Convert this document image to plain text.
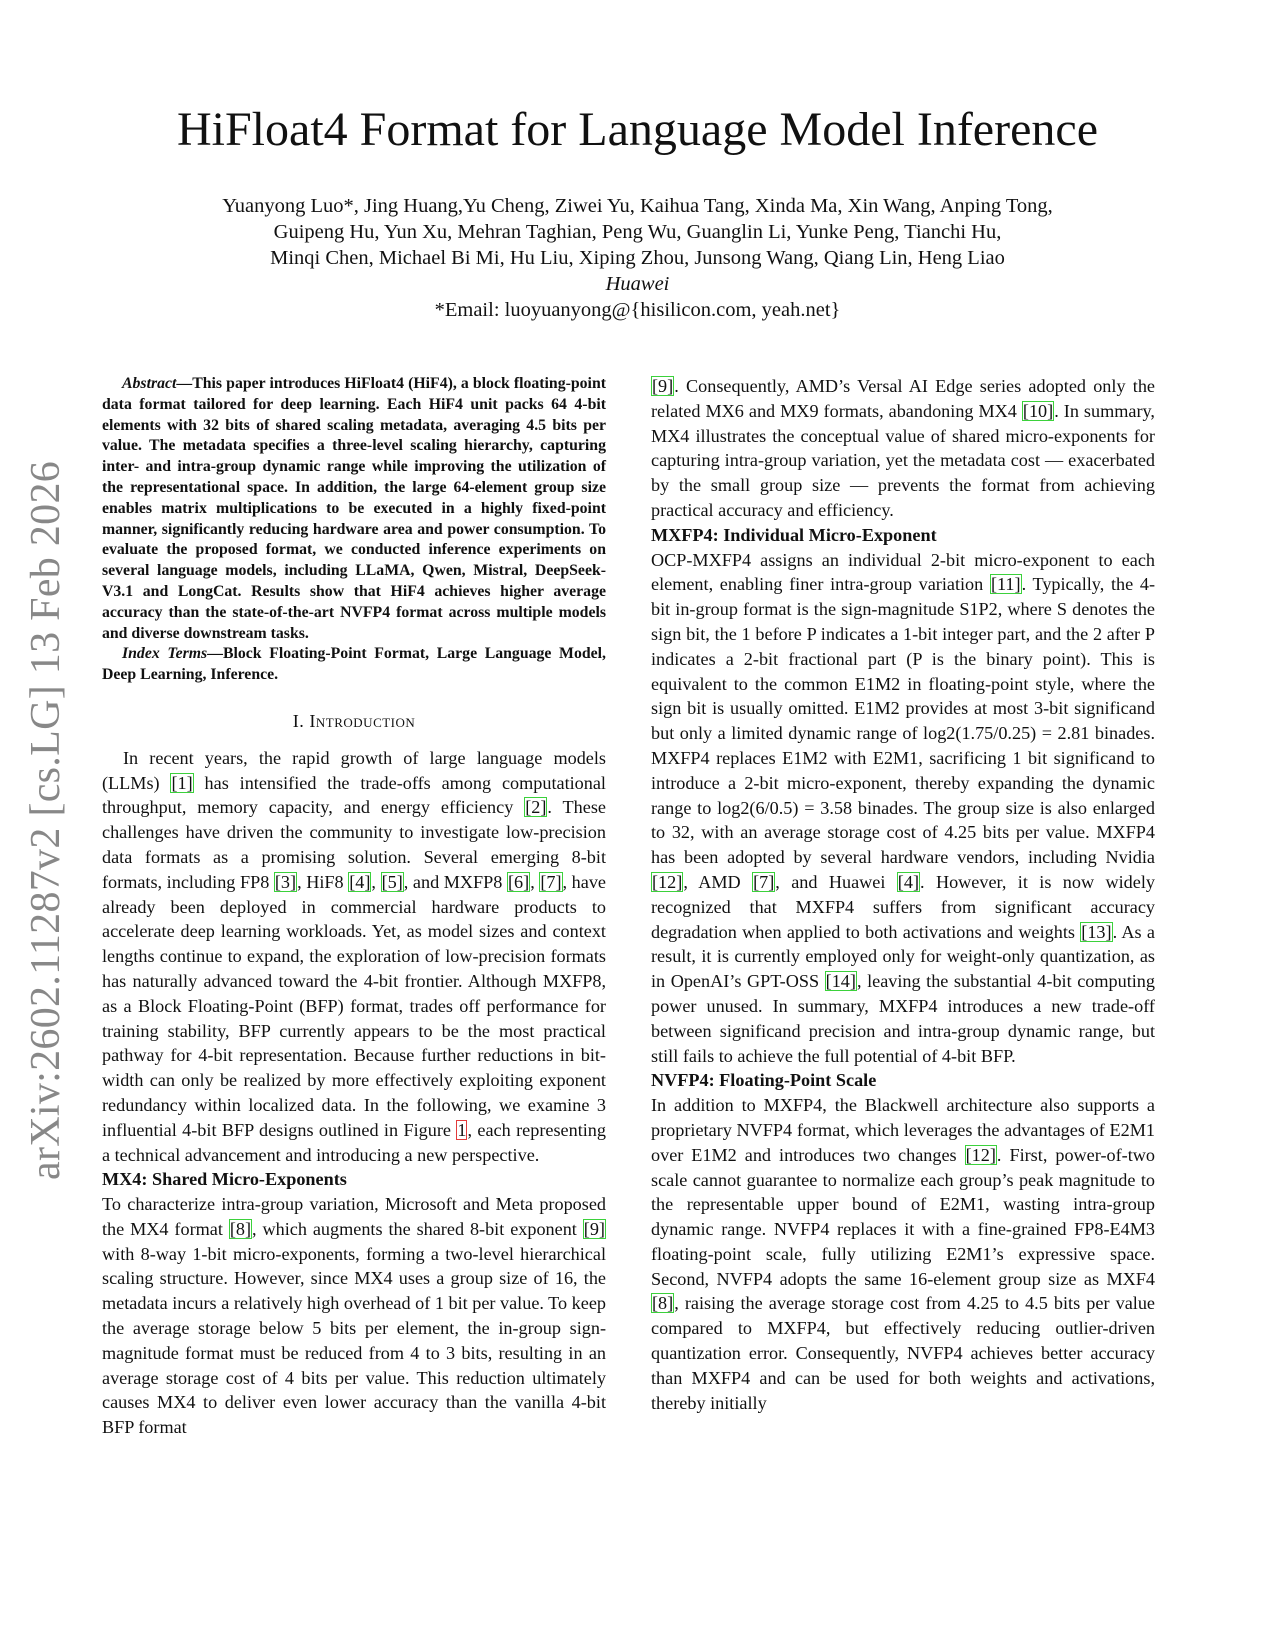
arXiv:2602.11287v2 [cs.LG] 13 Feb 2026
HiFloat4 Format for Language Model Inference
Yuanyong Luo*, Jing Huang,Yu Cheng, Ziwei Yu, Kaihua Tang, Xinda Ma, Xin Wang, Anping Tong,
Guipeng Hu, Yun Xu, Mehran Taghian, Peng Wu, Guanglin Li, Yunke Peng, Tianchi Hu,
Minqi Chen, Michael Bi Mi, Hu Liu, Xiping Zhou, Junsong Wang, Qiang Lin, Heng Liao
Huawei
*Email: luoyuanyong@{hisilicon.com, yeah.net}

Abstract—This paper introduces HiFloat4 (HiF4), a block floating-point data format tailored for deep learning. Each HiF4 unit packs 64 4-bit elements with 32 bits of shared scaling metadata, averaging 4.5 bits per value. The metadata specifies a three-level scaling hierarchy, capturing inter- and intra-group dynamic range while improving the utilization of the representational space. In addition, the large 64-element group size enables matrix multiplications to be executed in a highly fixed-point manner, significantly reducing hardware area and power consumption. To evaluate the proposed format, we conducted inference experiments on several language models, including LLaMA, Qwen, Mistral, DeepSeek-V3.1 and LongCat. Results show that HiF4 achieves higher average accuracy than the state-of-the-art NVFP4 format across multiple models and diverse downstream tasks.

Index Terms—Block Floating-Point Format, Large Language Model, Deep Learning, Inference.

I. Introduction

In recent years, the rapid growth of large language models (LLMs) [1] has intensified the trade-offs among computational throughput, memory capacity, and energy efficiency [2]. These challenges have driven the community to investigate low-precision data formats as a promising solution. Several emerging 8-bit formats, including FP8 [3], HiF8 [4], [5], and MXFP8 [6], [7], have already been deployed in commercial hardware products to accelerate deep learning workloads. Yet, as model sizes and context lengths continue to expand, the exploration of low-precision formats has naturally advanced toward the 4-bit frontier. Although MXFP8, as a Block Floating-Point (BFP) format, trades off performance for training stability, BFP currently appears to be the most practical pathway for 4-bit representation. Because further reductions in bit-width can only be realized by more effectively exploiting exponent redundancy within localized data. In the following, we examine 3 influential 4-bit BFP designs outlined in Figure 1, each representing a technical advancement and introducing a new perspective.

MX4: Shared Micro-Exponents

To characterize intra-group variation, Microsoft and Meta proposed the MX4 format [8], which augments the shared 8-bit exponent [9] with 8-way 1-bit micro-exponents, forming a two-level hierarchical scaling structure. However, since MX4 uses a group size of 16, the metadata incurs a relatively high overhead of 1 bit per value. To keep the average storage below 5 bits per element, the in-group sign-magnitude format must be reduced from 4 to 3 bits, resulting in an average storage cost of 4 bits per value. This reduction ultimately causes MX4 to deliver even lower accuracy than the vanilla 4-bit BFP format

[9]. Consequently, AMD’s Versal AI Edge series adopted only the related MX6 and MX9 formats, abandoning MX4 [10]. In summary, MX4 illustrates the conceptual value of shared micro-exponents for capturing intra-group variation, yet the metadata cost — exacerbated by the small group size — prevents the format from achieving practical accuracy and efficiency.

MXFP4: Individual Micro-Exponent

OCP-MXFP4 assigns an individual 2-bit micro-exponent to each element, enabling finer intra-group variation [11]. Typically, the 4-bit in-group format is the sign-magnitude S1P2, where S denotes the sign bit, the 1 before P indicates a 1-bit integer part, and the 2 after P indicates a 2-bit fractional part (P is the binary point). This is equivalent to the common E1M2 in floating-point style, where the sign bit is usually omitted. E1M2 provides at most 3-bit significand but only a limited dynamic range of log2(1.75/0.25) = 2.81 binades. MXFP4 replaces E1M2 with E2M1, sacrificing 1 bit significand to introduce a 2-bit micro-exponent, thereby expanding the dynamic range to log2(6/0.5) = 3.58 binades. The group size is also enlarged to 32, with an average storage cost of 4.25 bits per value. MXFP4 has been adopted by several hardware vendors, including Nvidia [12], AMD [7], and Huawei [4]. However, it is now widely recognized that MXFP4 suffers from significant accuracy degradation when applied to both activations and weights [13]. As a result, it is currently employed only for weight-only quantization, as in OpenAI’s GPT-OSS [14], leaving the substantial 4-bit computing power unused. In summary, MXFP4 introduces a new trade-off between significand precision and intra-group dynamic range, but still fails to achieve the full potential of 4-bit BFP.

NVFP4: Floating-Point Scale

In addition to MXFP4, the Blackwell architecture also supports a proprietary NVFP4 format, which leverages the advantages of E2M1 over E1M2 and introduces two changes [12]. First, power-of-two scale cannot guarantee to normalize each group’s peak magnitude to the representable upper bound of E2M1, wasting intra-group dynamic range. NVFP4 replaces it with a fine-grained FP8-E4M3 floating-point scale, fully utilizing E2M1’s expressive space. Second, NVFP4 adopts the same 16-element group size as MXF4 [8], raising the average storage cost from 4.25 to 4.5 bits per value compared to MXFP4, but effectively reducing outlier-driven quantization error. Consequently, NVFP4 achieves better accuracy than MXFP4 and can be used for both weights and activations, thereby initially
